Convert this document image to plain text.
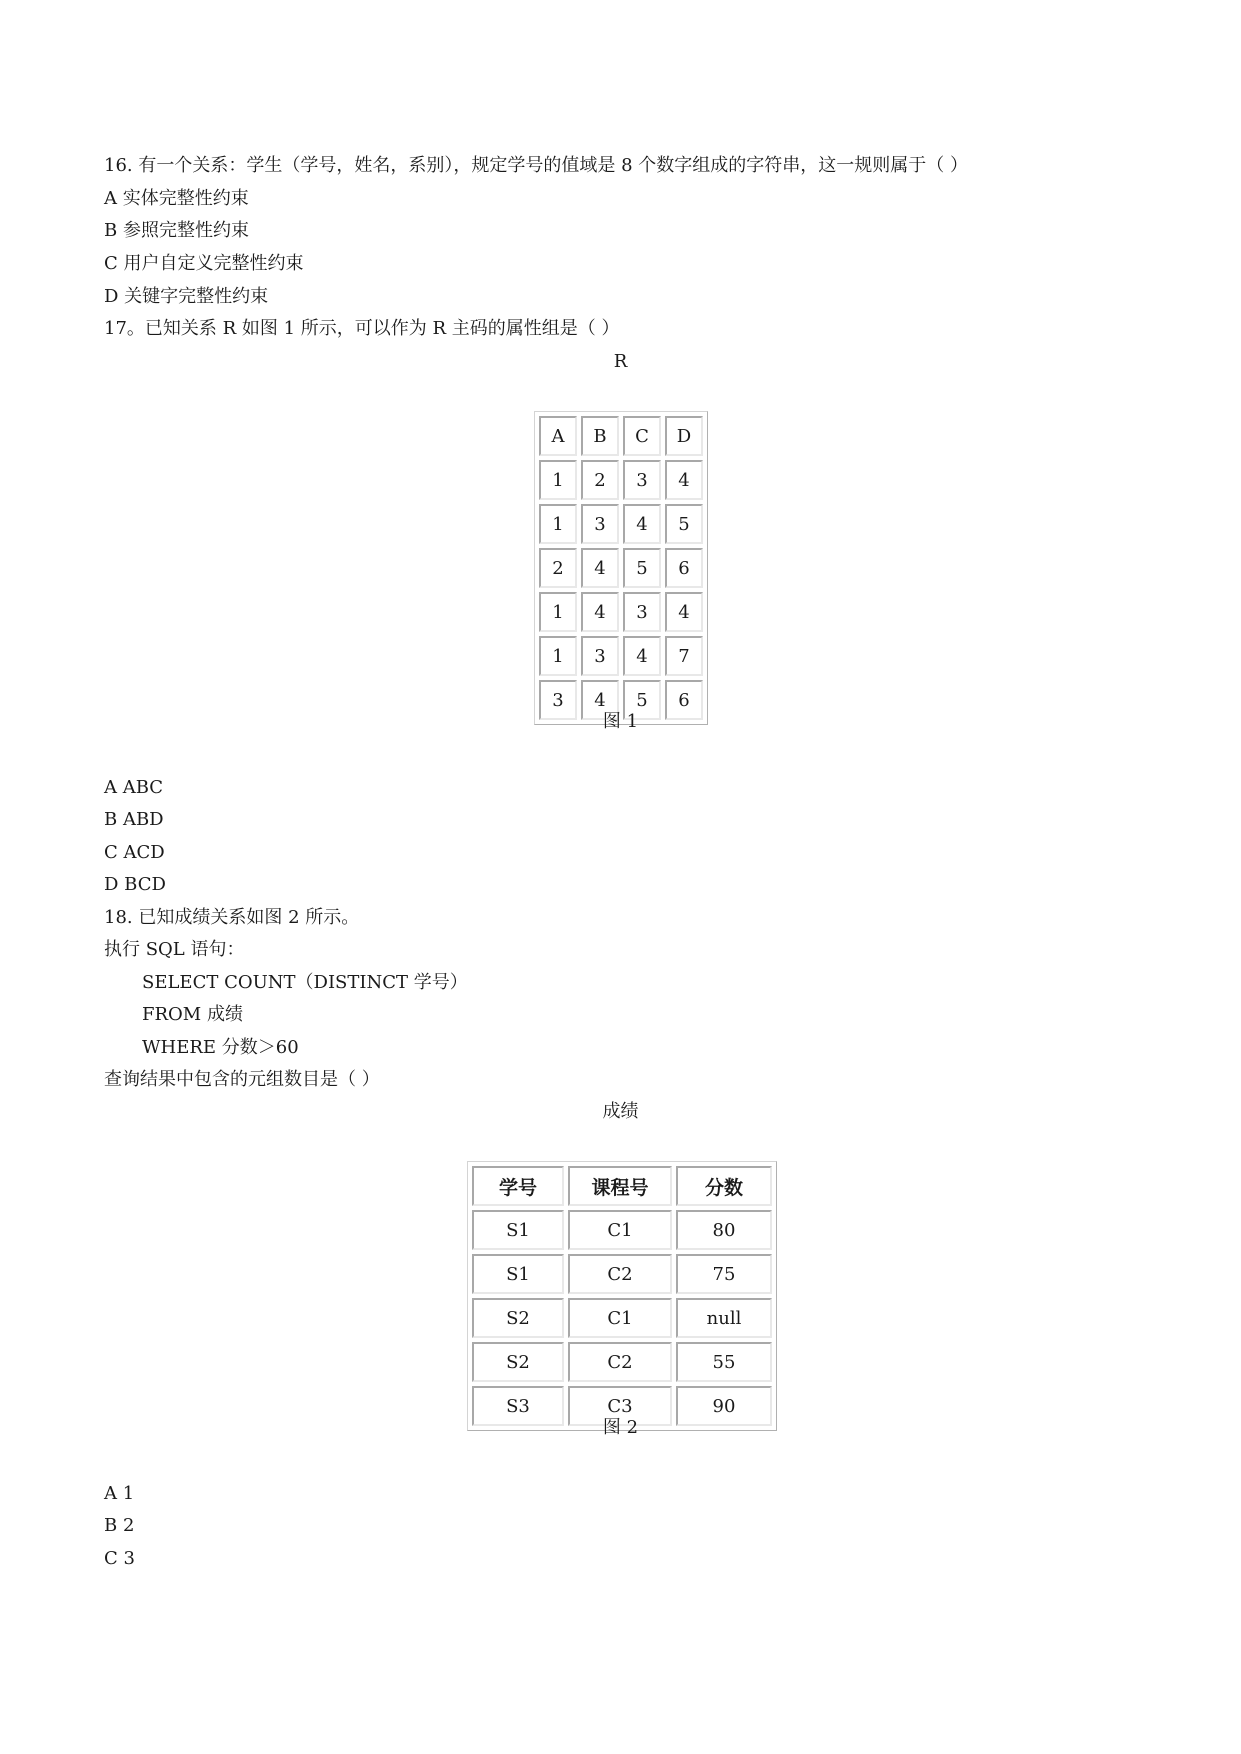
16. 有一个关系：学生（学号，姓名，系别），规定学号的值域是 8 个数字组成的字符串，这一规则属于（ ）
A 实体完整性约束
B 参照完整性约束
C 用户自定义完整性约束
D 关键字完整性约束
17。已知关系 R 如图 1 所示，可以作为 R 主码的属性组是（ ）
R
A	B	C	D
1	2	3	4
1	3	4	5
2	4	5	6
1	4	3	4
1	3	4	7
3	4	5	6
图 1
A ABC
B ABD
C ACD
D BCD
18. 已知成绩关系如图 2 所示。
执行 SQL 语句：
SELECT COUNT（DISTINCT 学号）
FROM 成绩
WHERE 分数＞60
查询结果中包含的元组数目是（ ）
成绩
学号	课程号	分数
S1	C1	80
S1	C2	75
S2	C1	null
S2	C2	55
S3	C3	90
图 2
A 1
B 2
C 3
